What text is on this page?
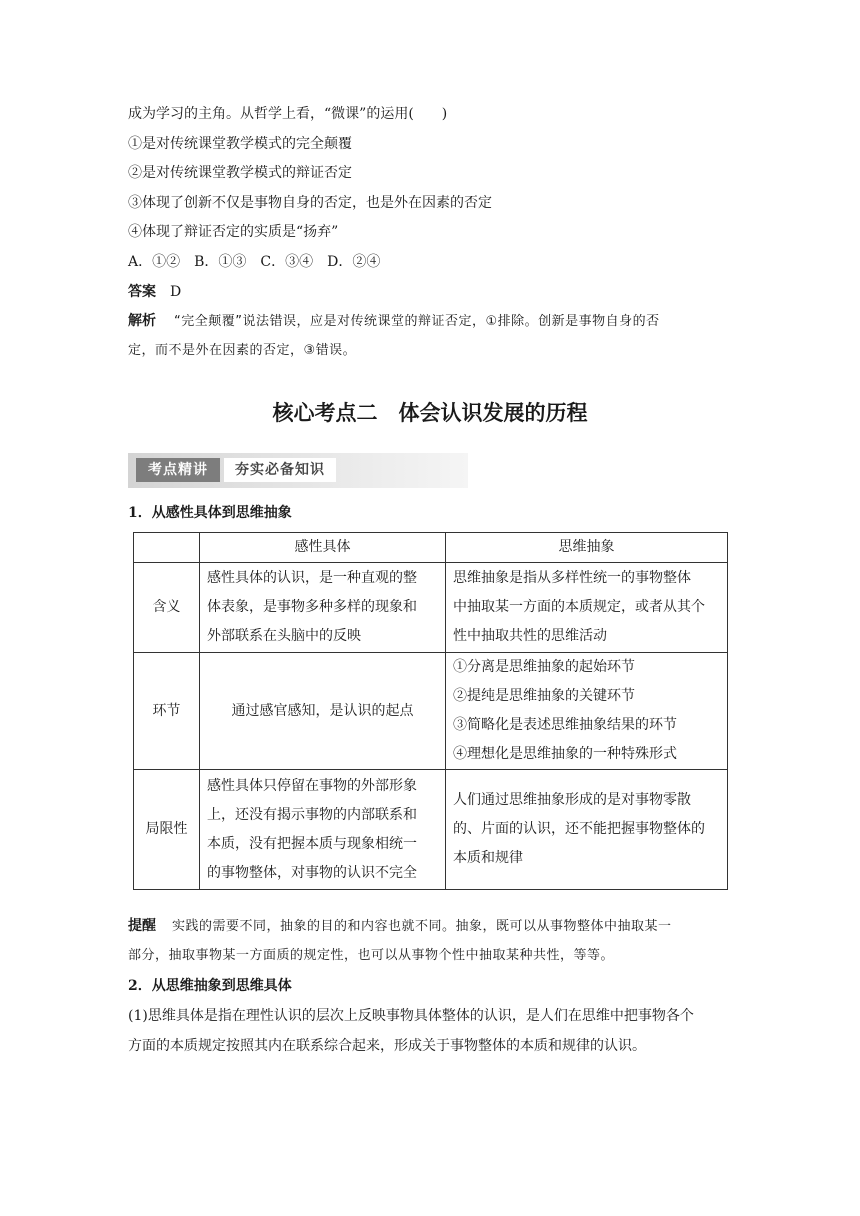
成为学习的主角。从哲学上看，“微课”的运用(　　)
①是对传统课堂教学模式的完全颠覆
②是对传统课堂教学模式的辩证否定
③体现了创新不仅是事物自身的否定，也是外在因素的否定
④体现了辩证否定的实质是“扬弃”
A．①②　B．①③　C．③④　D．②④
答案 D
解析 “完全颠覆”说法错误，应是对传统课堂的辩证否定，①排除。创新是事物自身的否
定，而不是外在因素的否定，③错误。
核心考点二　体会认识发展的历程
考点精讲	夯实必备知识
1．从感性具体到思维抽象
	感性具体	思维抽象
含义	感性具体的认识，是一种直观的整
体表象，是事物多种多样的现象和
外部联系在头脑中的反映	思维抽象是指从多样性统一的事物整体
中抽取某一方面的本质规定，或者从其个
性中抽取共性的思维活动

环节	通过感官感知，是认识的起点	①分离是思维抽象的起始环节
②提纯是思维抽象的关键环节
③简略化是表述思维抽象结果的环节
④理想化是思维抽象的一种特殊形式

局限性	感性具体只停留在事物的外部形象
上，还没有揭示事物的内部联系和
本质，没有把握本质与现象相统一
的事物整体，对事物的认识不完全	人们通过思维抽象形成的是对事物零散
的、片面的认识，还不能把握事物整体的
本质和规律
提醒 实践的需要不同，抽象的目的和内容也就不同。抽象，既可以从事物整体中抽取某一
部分，抽取事物某一方面质的规定性，也可以从事物个性中抽取某种共性，等等。
2．从思维抽象到思维具体
(1)思维具体是指在理性认识的层次上反映事物具体整体的认识，是人们在思维中把事物各个
方面的本质规定按照其内在联系综合起来，形成关于事物整体的本质和规律的认识。
